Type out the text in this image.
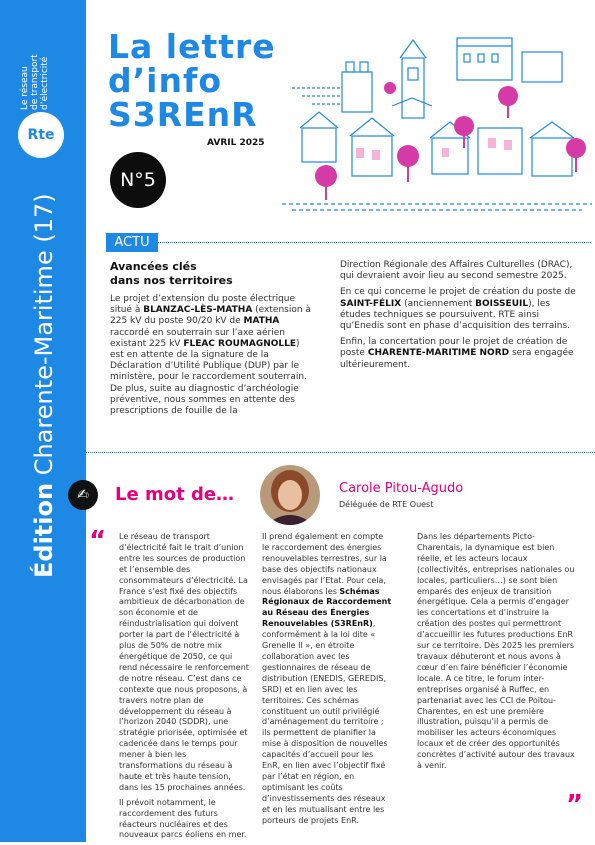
Le réseau de transport d’électricité
Rte
Édition Charente-Maritime (17)
La lettre
d’info
S3REnR
AVRIL 2025
N°5
ACTU
Avancées clés
dans nos territoires

Le projet d’extension du poste électrique situé à BLANZAC-LÈS-MATHA (extension à 225 kV du poste 90/20 kV de MATHA raccordé en souterrain sur l’axe aérien existant 225 kV FLEAC ROUMAGNOLLE) est en attente de la signature de la Déclaration d’Utilité Publique (DUP) par le ministère, pour le raccordement souterrain. De plus, suite au diagnostic d’archéologie préventive, nous sommes en attente des prescriptions de fouille de la

Direction Régionale des Affaires Culturelles (DRAC), qui devraient avoir lieu au second semestre 2025.

En ce qui concerne le projet de création du poste de SAINT-FÉLIX (anciennement BOISSEUIL), les études techniques se poursuivent. RTE ainsi qu’Enedis sont en phase d’acquisition des terrains.

Enfin, la concertation pour le projet de création de poste CHARENTE-MARITIME NORD sera engagée ultérieurement.

✍	Le mot de…	Carole Pitou-Agudo
Déléguée de RTE Ouest
“ Le réseau de transport d’électricité fait le trait d’union entre les sources de production et l’ensemble des consommateurs d’électricité. La France s’est fixé des objectifs ambitieux de décarbonation de son économie et de réindustrialisation qui doivent porter la part de l’électricité à plus de 50% de notre mix énergétique de 2050, ce qui rend nécessaire le renforcement de notre réseau. C’est dans ce contexte que nous proposons, à travers notre plan de développement du réseau à l’horizon 2040 (SDDR), une stratégie priorisée, optimisée et cadencée dans le temps pour mener à bien les transformations du réseau à haute et très haute tension, dans les 15 prochaines années.

Il prévoit notamment, le raccordement des futurs réacteurs nucléaires et des nouveaux parcs éoliens en mer.

Il prend également en compte le raccordement des énergies renouvelables terrestres, sur la base des objectifs nationaux envisagés par l’Etat. Pour cela, nous élaborons les Schémas Régionaux de Raccordement au Réseau des Énergies Renouvelables (S3REnR), conformément à la loi dite « Grenelle II », en étroite collaboration avec les gestionnaires de réseau de distribution (ENEDIS, GEREDIS, SRD) et en lien avec les territoires. Ces schémas constituent un outil privilégié d’aménagement du territoire ; ils permettent de planifier la mise à disposition de nouvelles capacités d’accueil pour les EnR, en lien avec l’objectif fixé par l’état en région, en optimisant les coûts d’investissements des réseaux et en les mutualisant entre les porteurs de projets EnR.

Dans les départements Picto-Charentais, la dynamique est bien réelle, et les acteurs locaux (collectivités, entreprises nationales ou locales, particuliers…) se sont bien emparés des enjeux de transition énergétique. Cela a permis d’engager les concertations et d’instruire la création des postes qui permettront d’accueillir les futures productions EnR sur ce territoire. Dès 2025 les premiers travaux débuteront et nous avons à cœur d’en faire bénéficier l’économie locale. A ce titre, le forum inter-entreprises organisé à Ruffec, en partenariat avec les CCI de Poitou-Charentes, en est une première illustration, puisqu’il a permis de mobiliser les acteurs économiques locaux et de créer des opportunités concrètes d’activité autour des travaux à venir.

”
